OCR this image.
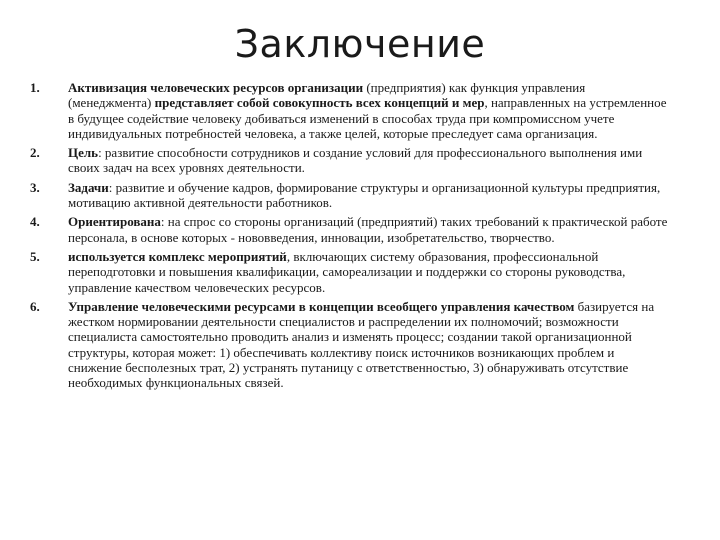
Заключение
1.	Активизация человеческих ресурсов организации (предприятия) как функция управления (менеджмента) представляет собой совокупность всех концепций и мер, направленных на устремленное в будущее содействие человеку добиваться изменений в способах труда при компромиссном учете индивидуальных потребностей человека, а также целей, которые преследует сама организация.
2.	Цель: развитие способности сотрудников и создание условий для профессионального выполнения ими своих задач на всех уровнях деятельности.
3.	Задачи: развитие и обучение кадров, формирование структуры и организационной культуры предприятия, мотивацию активной деятельности работников.
4.	Ориентирована: на спрос со стороны организаций (предприятий) таких требований к практической работе персонала, в основе которых - нововведения, инновации, изобретательство, творчество.
5.	используется комплекс мероприятий, включающих систему образования, профессиональной переподготовки и повышения квалификации, самореализации и поддержки со стороны руководства, управление качеством человеческих ресурсов.
6.	Управление человеческими ресурсами в концепции всеобщего управления качеством базируется на жестком нормировании деятельности специалистов и распределении их полномочий; возможности специалиста самостоятельно проводить анализ и изменять процесс; создании такой организационной структуры, которая может: 1) обеспечивать коллективу поиск источников возникающих проблем и снижение бесполезных трат, 2) устранять путаницу с ответственностью, 3) обнаруживать отсутствие необходимых функциональных связей.
